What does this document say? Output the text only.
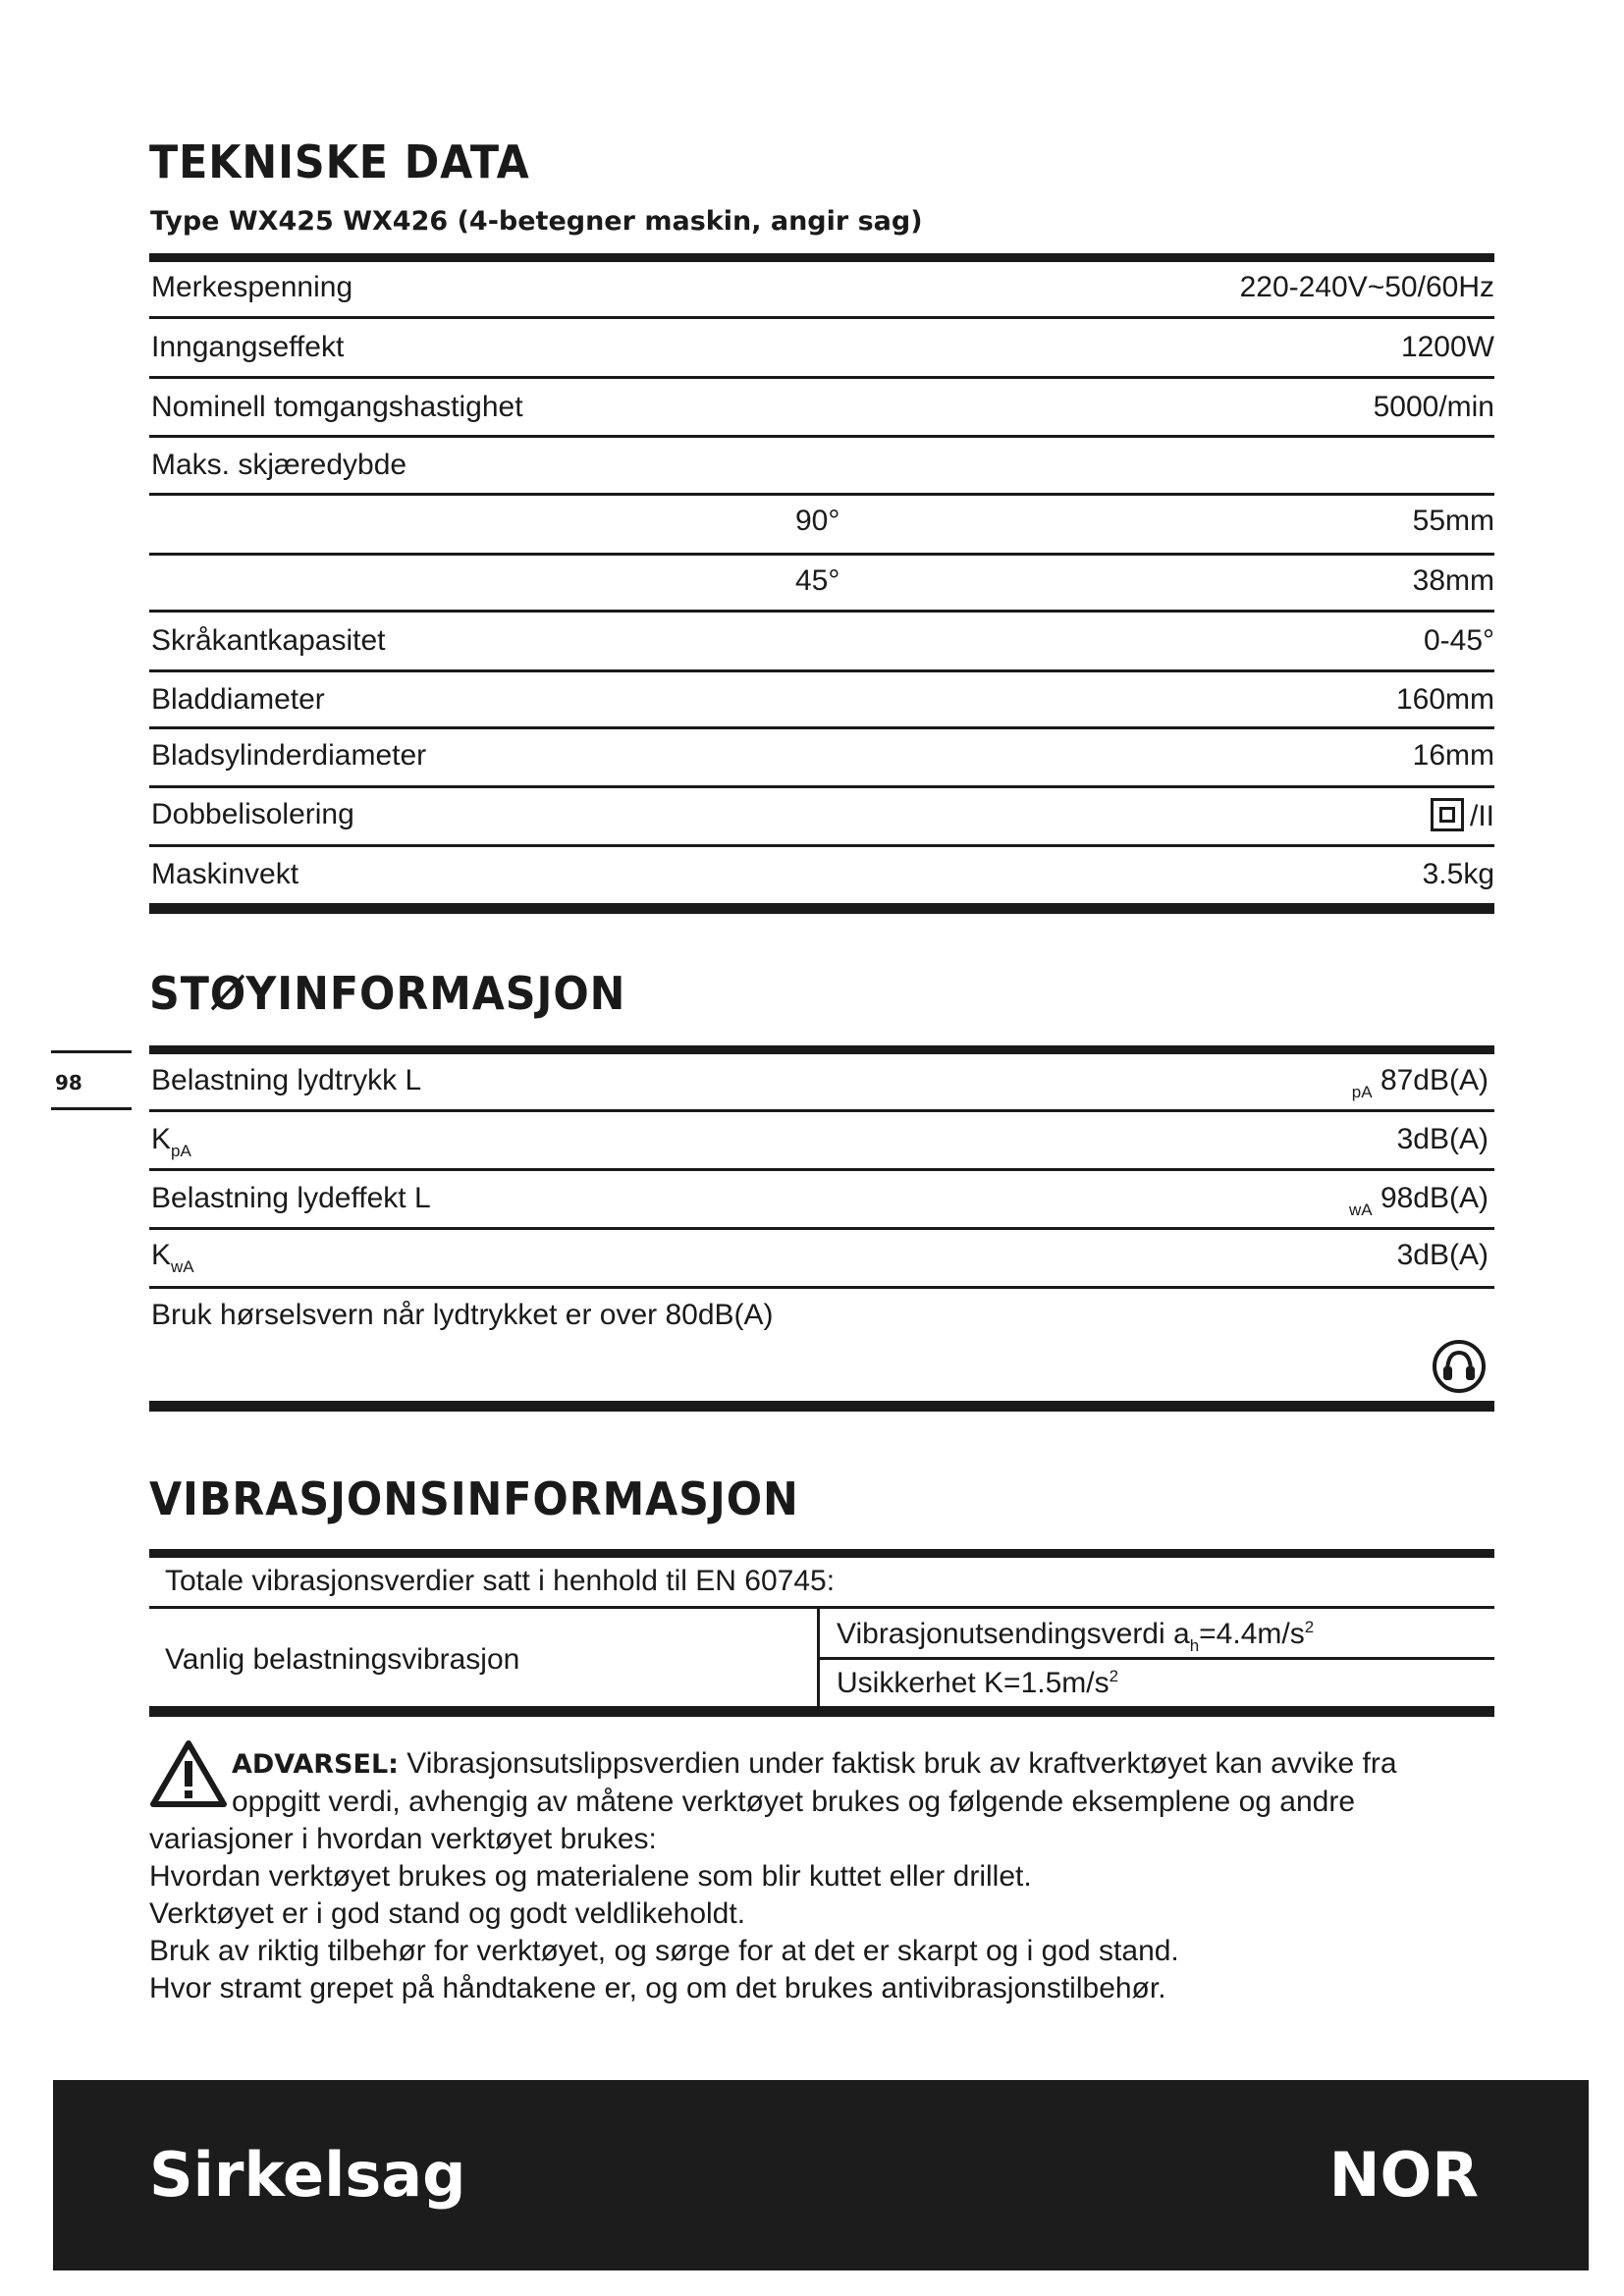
TEKNISKE DATA
Type WX425 WX426 (4-betegner maskin, angir sag)
Merkespenning	220-240V~50/60Hz
Inngangseffekt	1200W
Nominell tomgangshastighet	5000/min
Maks. skjæredybde
90°	55mm
45°	38mm
Skråkantkapasitet	0-45°
Bladdiameter	160mm
Bladsylinderdiameter	16mm
Dobbelisolering	/II
Maskinvekt	3.5kg
STØYINFORMASJON
98 Belastning lydtrykk L	$_{pA}$ 87dB(A)
$K_{pA}$	3dB(A)
Belastning lydeffekt L	$_{wA}$ 98dB(A)
$K_{wA}$	3dB(A)
Bruk hørselsvern når lydtrykket er over 80dB(A)
VIBRASJONSINFORMASJON
Totale vibrasjonsverdier satt i henhold til EN 60745:
Vanlig belastningsvibrasjon
Vibrasjonutsendingsverdi $a_h=4.4m/s^2$
Usikkerhet $K=1.5m/s^2$
ADVARSEL: Vibrasjonsutslippsverdien under faktisk bruk av kraftverktøyet kan avvike fra
oppgitt verdi, avhengig av måtene verktøyet brukes og følgende eksemplene og andre
variasjoner i hvordan verktøyet brukes:
Hvordan verktøyet brukes og materialene som blir kuttet eller drillet.
Verktøyet er i god stand og godt veldlikeholdt.
Bruk av riktig tilbehør for verktøyet, og sørge for at det er skarpt og i god stand.
Hvor stramt grepet på håndtakene er, og om det brukes antivibrasjonstilbehør.
Sirkelsag	NOR
